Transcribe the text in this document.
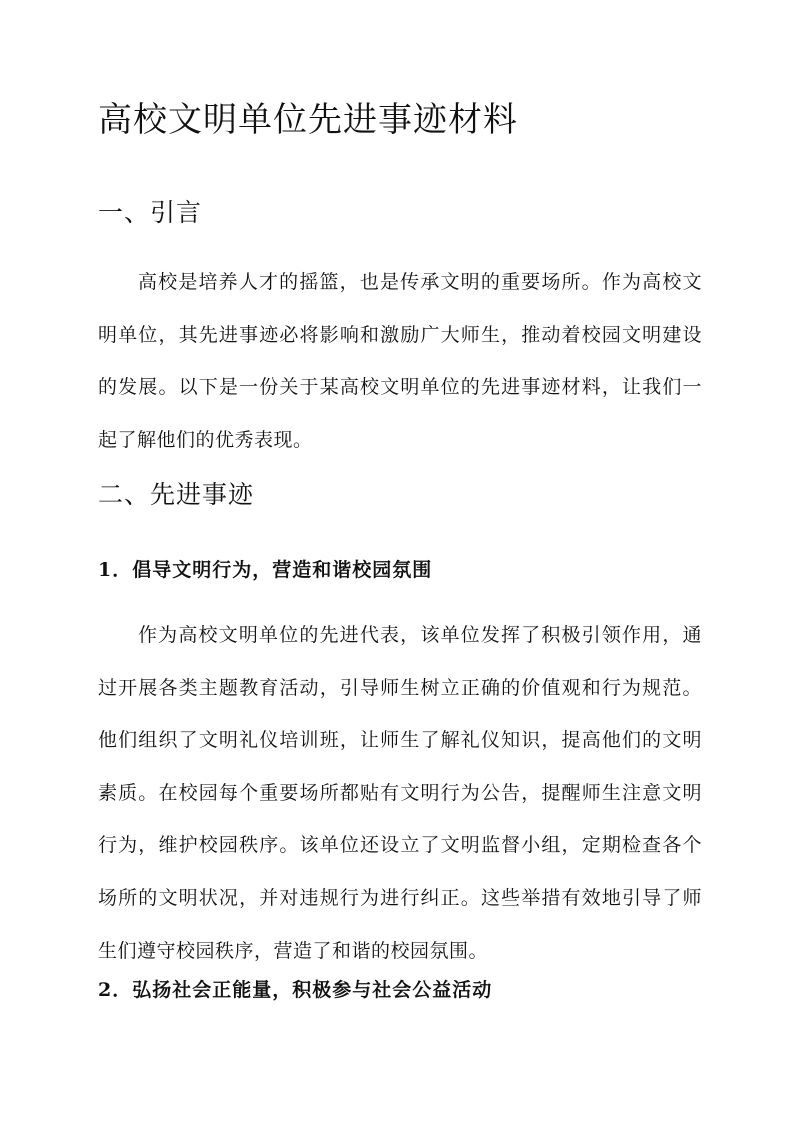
高校文明单位先进事迹材料
一、引言

高校是培养人才的摇篮，也是传承文明的重要场所。作为高校文明单位，其先进事迹必将影响和激励广大师生，推动着校园文明建设的发展。以下是一份关于某高校文明单位的先进事迹材料，让我们一起了解他们的优秀表现。

二、先进事迹
1．倡导文明行为，营造和谐校园氛围

作为高校文明单位的先进代表，该单位发挥了积极引领作用，通过开展各类主题教育活动，引导师生树立正确的价值观和行为规范。他们组织了文明礼仪培训班，让师生了解礼仪知识，提高他们的文明素质。在校园每个重要场所都贴有文明行为公告，提醒师生注意文明行为，维护校园秩序。该单位还设立了文明监督小组，定期检查各个场所的文明状况，并对违规行为进行纠正。这些举措有效地引导了师生们遵守校园秩序，营造了和谐的校园氛围。

2．弘扬社会正能量，积极参与社会公益活动
